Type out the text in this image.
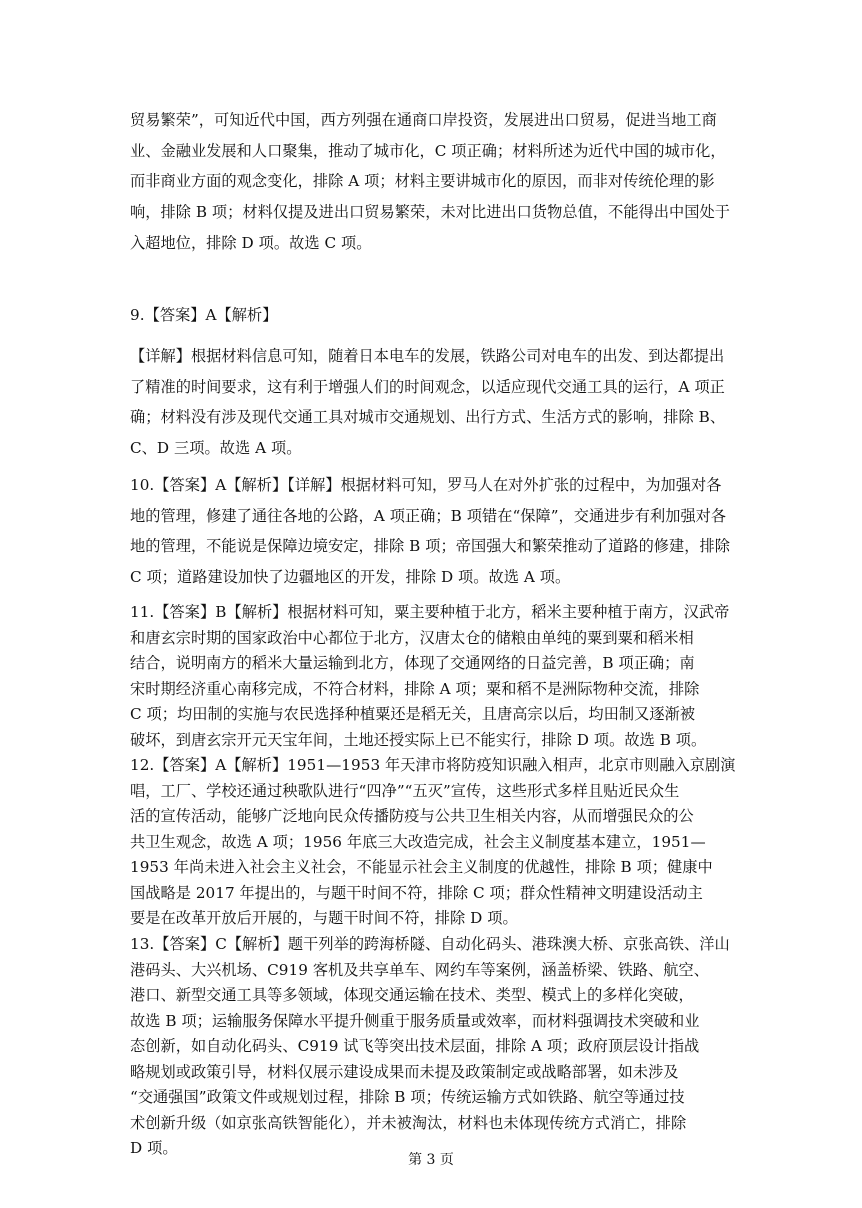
贸易繁荣”，可知近代中国，西方列强在通商口岸投资，发展进出口贸易，促进当地工商
业、金融业发展和人口聚集，推动了城市化，C 项正确；材料所述为近代中国的城市化，
而非商业方面的观念变化，排除 A 项；材料主要讲城市化的原因，而非对传统伦理的影
响，排除 B 项；材料仅提及进出口贸易繁荣，未对比进出口货物总值，不能得出中国处于
入超地位，排除 D 项。故选 C 项。
9.【答案】A【解析】
【详解】根据材料信息可知，随着日本电车的发展，铁路公司对电车的出发、到达都提出
了精准的时间要求，这有利于增强人们的时间观念，以适应现代交通工具的运行，A 项正
确；材料没有涉及现代交通工具对城市交通规划、出行方式、生活方式的影响，排除 B、
C、D 三项。故选 A 项。
10.【答案】A【解析】【详解】根据材料可知，罗马人在对外扩张的过程中，为加强对各
地的管理，修建了通往各地的公路，A 项正确；B 项错在“保障”，交通进步有利加强对各
地的管理，不能说是保障边境安定，排除 B 项；帝国强大和繁荣推动了道路的修建，排除
C 项；道路建设加快了边疆地区的开发，排除 D 项。故选 A 项。
11.【答案】B【解析】根据材料可知，粟主要种植于北方，稻米主要种植于南方，汉武帝
和唐玄宗时期的国家政治中心都位于北方，汉唐太仓的储粮由单纯的粟到粟和稻米相
结合，说明南方的稻米大量运输到北方，体现了交通网络的日益完善，B 项正确；南
宋时期经济重心南移完成，不符合材料，排除 A 项；粟和稻不是洲际物种交流，排除
C 项；均田制的实施与农民选择种植粟还是稻无关，且唐高宗以后，均田制又逐渐被
破坏，到唐玄宗开元天宝年间，土地还授实际上已不能实行，排除 D 项。故选 B 项。
12.【答案】A【解析】1951—1953 年天津市将防疫知识融入相声，北京市则融入京剧演
唱，工厂、学校还通过秧歌队进行“四净”“五灭”宣传，这些形式多样且贴近民众生
活的宣传活动，能够广泛地向民众传播防疫与公共卫生相关内容，从而增强民众的公
共卫生观念，故选 A 项；1956 年底三大改造完成，社会主义制度基本建立，1951—
1953 年尚未进入社会主义社会，不能显示社会主义制度的优越性，排除 B 项；健康中
国战略是 2017 年提出的，与题干时间不符，排除 C 项；群众性精神文明建设活动主
要是在改革开放后开展的，与题干时间不符，排除 D 项。
13.【答案】C【解析】题干列举的跨海桥隧、自动化码头、港珠澳大桥、京张高铁、洋山
港码头、大兴机场、C919 客机及共享单车、网约车等案例，涵盖桥梁、铁路、航空、
港口、新型交通工具等多领域，体现交通运输在技术、类型、模式上的多样化突破，
故选 B 项；运输服务保障水平提升侧重于服务质量或效率，而材料强调技术突破和业
态创新，如自动化码头、C919 试飞等突出技术层面，排除 A 项；政府顶层设计指战
略规划或政策引导，材料仅展示建设成果而未提及政策制定或战略部署，如未涉及
“交通强国”政策文件或规划过程，排除 B 项；传统运输方式如铁路、航空等通过技
术创新升级（如京张高铁智能化），并未被淘汰，材料也未体现传统方式消亡，排除
D 项。
第 3 页
